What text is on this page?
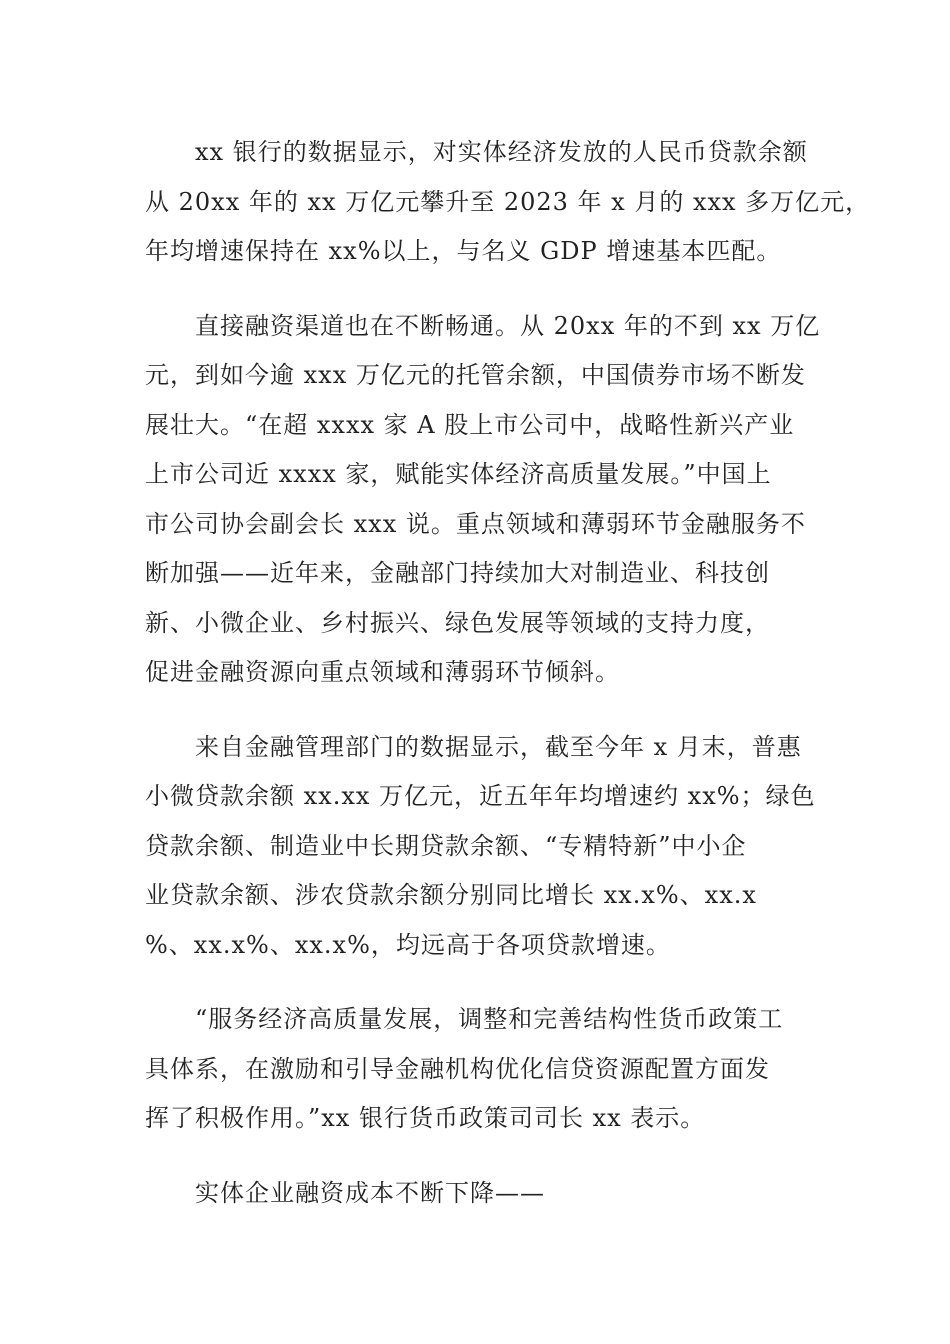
　　xx 银行的数据显示，对实体经济发放的人民币贷款余额
从 20xx 年的 xx 万亿元攀升至 2023 年 x 月的 xxx 多万亿元，
年均增速保持在 xx%以上，与名义 GDP 增速基本匹配。

　　直接融资渠道也在不断畅通。从 20xx 年的不到 xx 万亿
元，到如今逾 xxx 万亿元的托管余额，中国债券市场不断发
展壮大。“在超 xxxx 家 A 股上市公司中，战略性新兴产业
上市公司近 xxxx 家，赋能实体经济高质量发展。”中国上
市公司协会副会长 xxx 说。重点领域和薄弱环节金融服务不
断加强——近年来，金融部门持续加大对制造业、科技创
新、小微企业、乡村振兴、绿色发展等领域的支持力度，
促进金融资源向重点领域和薄弱环节倾斜。

　　来自金融管理部门的数据显示，截至今年 x 月末，普惠
小微贷款余额 xx.xx 万亿元，近五年年均增速约 xx%；绿色
贷款余额、制造业中长期贷款余额、“专精特新”中小企
业贷款余额、涉农贷款余额分别同比增长 xx.x%、xx.x
%、xx.x%、xx.x%，均远高于各项贷款增速。

　　“服务经济高质量发展，调整和完善结构性货币政策工
具体系，在激励和引导金融机构优化信贷资源配置方面发
挥了积极作用。”xx 银行货币政策司司长 xx 表示。

　　实体企业融资成本不断下降——
